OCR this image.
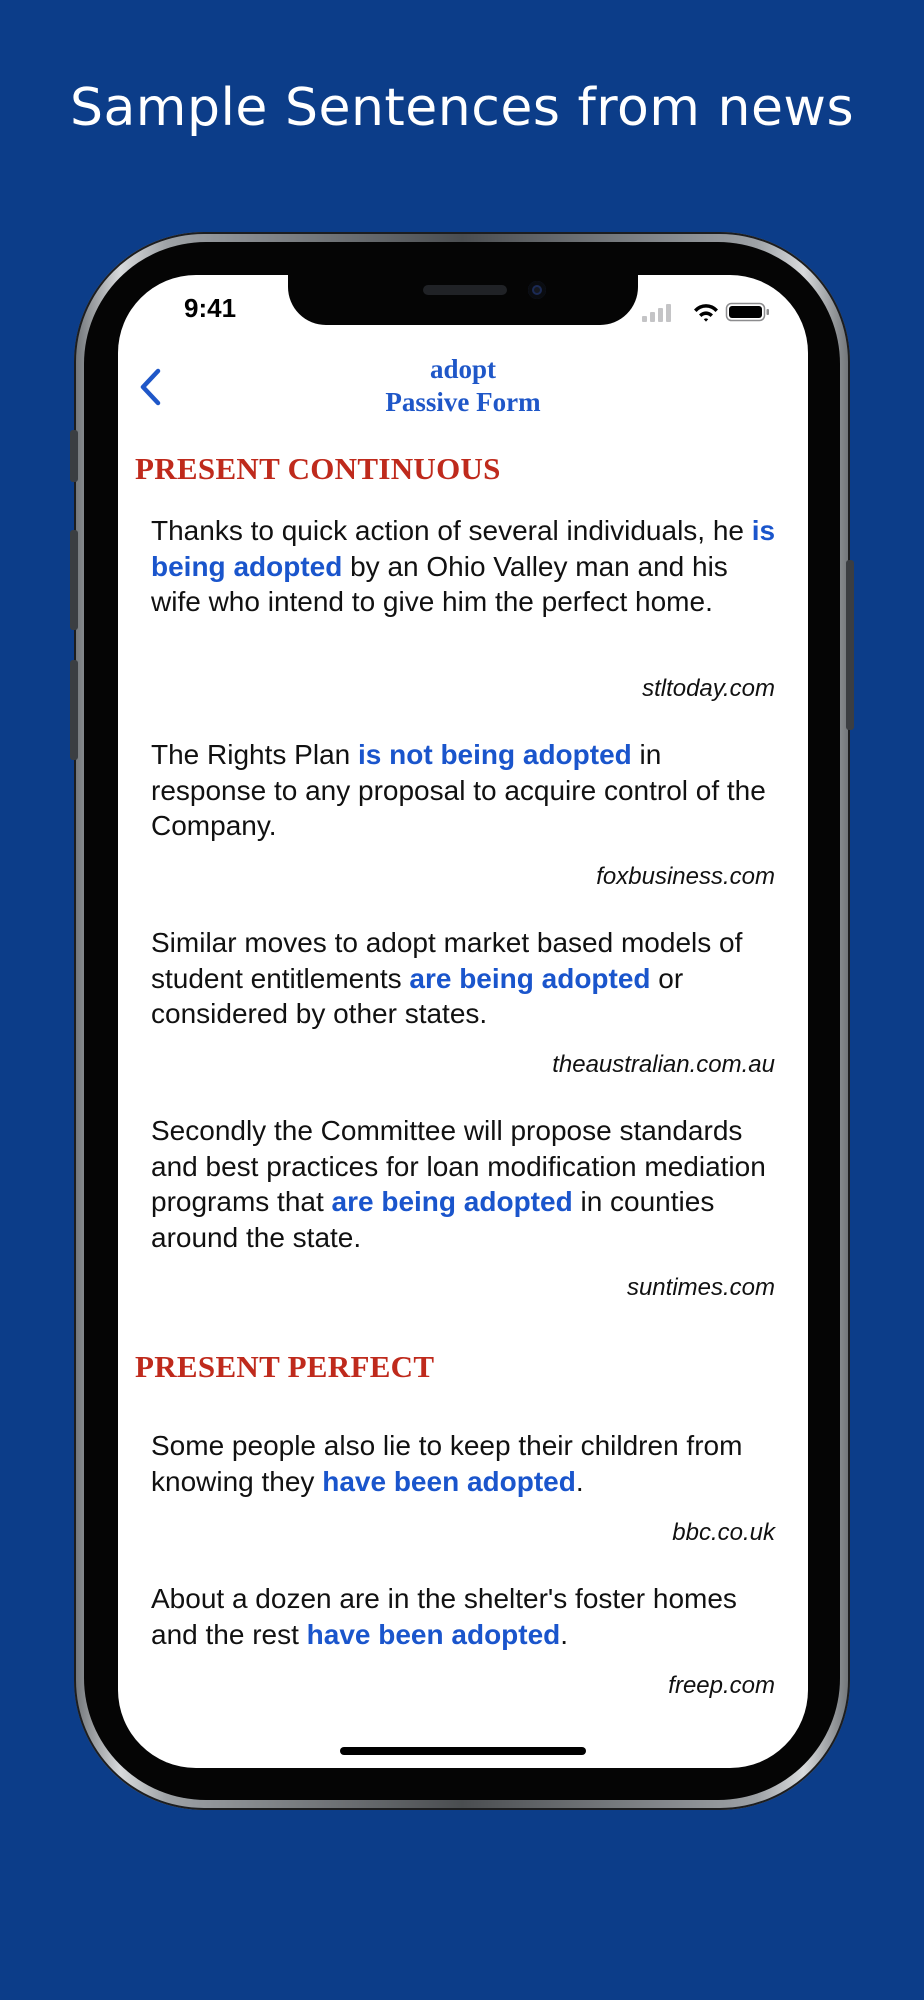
Sample Sentences from news
9:41
adopt
Passive Form
PRESENT CONTINUOUS
Thanks to quick action of several individuals, he is being adopted by an Ohio Valley man and his wife who intend to give him the perfect home.
stltoday.com
The Rights Plan is not being adopted in response to any proposal to acquire control of the Company.
foxbusiness.com
Similar moves to adopt market based models of student entitlements are being adopted or considered by other states.
theaustralian.com.au
Secondly the Committee will propose standards and best practices for loan modification mediation programs that are being adopted in counties around the state.
suntimes.com
PRESENT PERFECT
Some people also lie to keep their children from knowing they have been adopted.
bbc.co.uk
About a dozen are in the shelter's foster homes and the rest have been adopted.
freep.com
